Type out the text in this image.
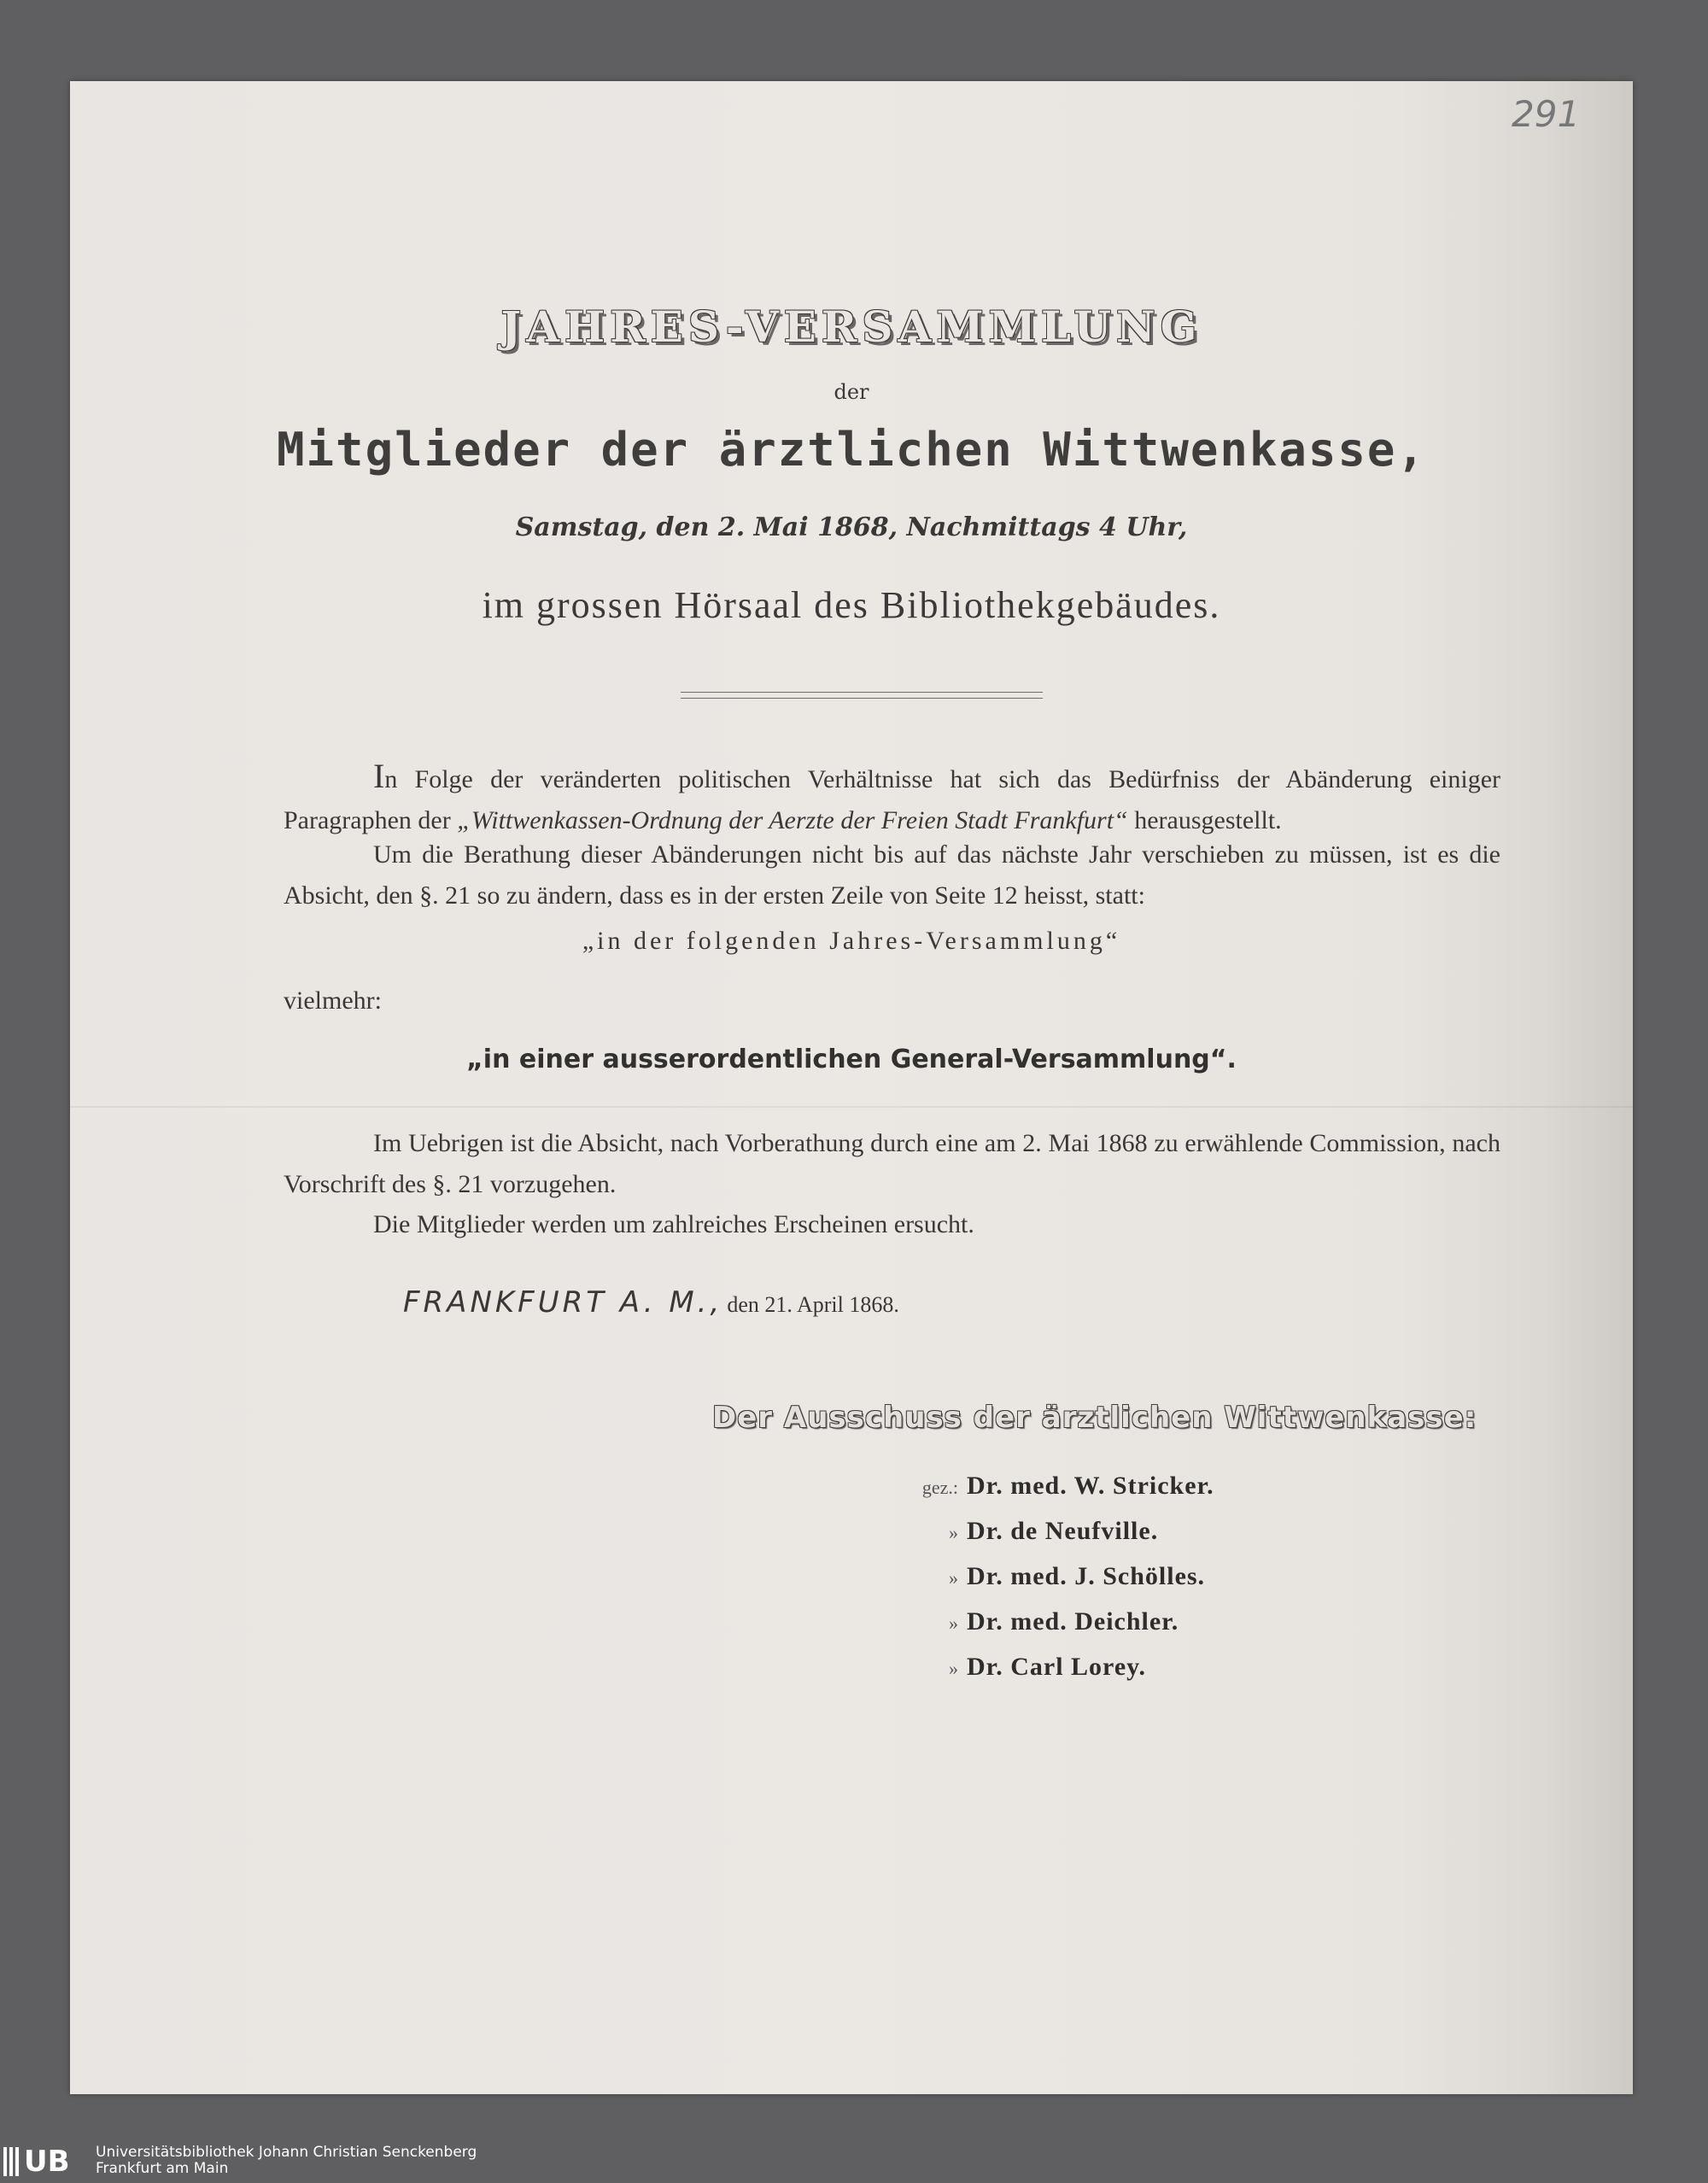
291
JAHRES-VERSAMMLUNG
der
Mitglieder der ärztlichen Wittwenkasse,
Samstag, den 2. Mai 1868, Nachmittags 4 Uhr,
im grossen Hörsaal des Bibliothekgebäudes.
In Folge der veränderten politischen Verhältnisse hat sich das Bedürfniss der Abänderung einiger Paragraphen der „Wittwenkassen-Ordnung der Aerzte der Freien Stadt Frankfurt“ herausgestellt.
Um die Berathung dieser Abänderungen nicht bis auf das nächste Jahr verschieben zu müssen, ist es die Absicht, den §. 21 so zu ändern, dass es in der ersten Zeile von Seite 12 heisst, statt:
„in der folgenden Jahres-Versammlung“
vielmehr:
„in einer ausserordentlichen General-Versammlung“.
Im Uebrigen ist die Absicht, nach Vorberathung durch eine am 2. Mai 1868 zu erwählende Commission, nach Vorschrift des §. 21 vorzugehen.
Die Mitglieder werden um zahlreiches Erscheinen ersucht.
FRANKFURT A. M., den 21. April 1868.
Der Ausschuss der ärztlichen Wittwenkasse:
gez.: Dr. med. W. Stricker.
» Dr. de Neufville.
» Dr. med. J. Schölles.
» Dr. med. Deichler.
» Dr. Carl Lorey.
UB Universitätsbibliothek Johann Christian Senckenberg
Frankfurt am Main
